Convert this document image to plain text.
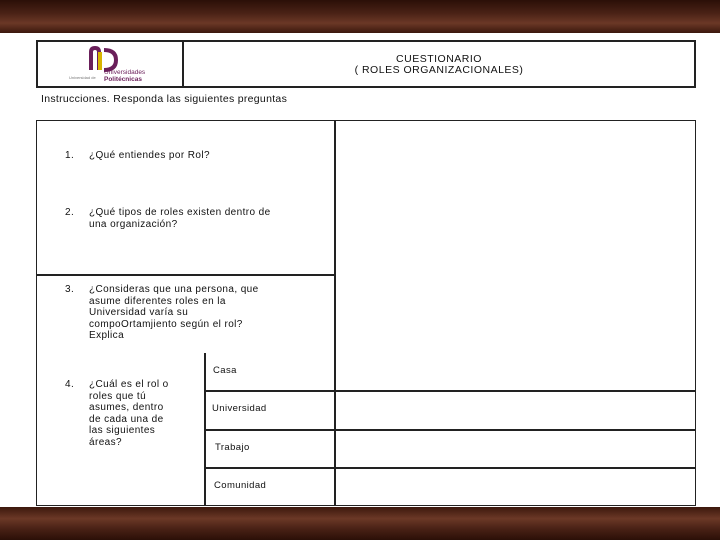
Universidad de
Universidades
Politécnicas
CUESTIONARIO
( ROLES ORGANIZACIONALES)
Instrucciones. Responda las siguientes preguntas
1. ¿Qué entiendes por Rol?
2. ¿Qué tipos de roles existen dentro de
una organización?
3. ¿Consideras que una persona, que
asume diferentes roles en la
Universidad varía su
compoOrtamjiento según el rol?
Explica
4. ¿Cuál es el rol o
roles que tú
asumes, dentro
de cada una de
las siguientes
áreas?
Casa
Universidad
Trabajo
Comunidad
